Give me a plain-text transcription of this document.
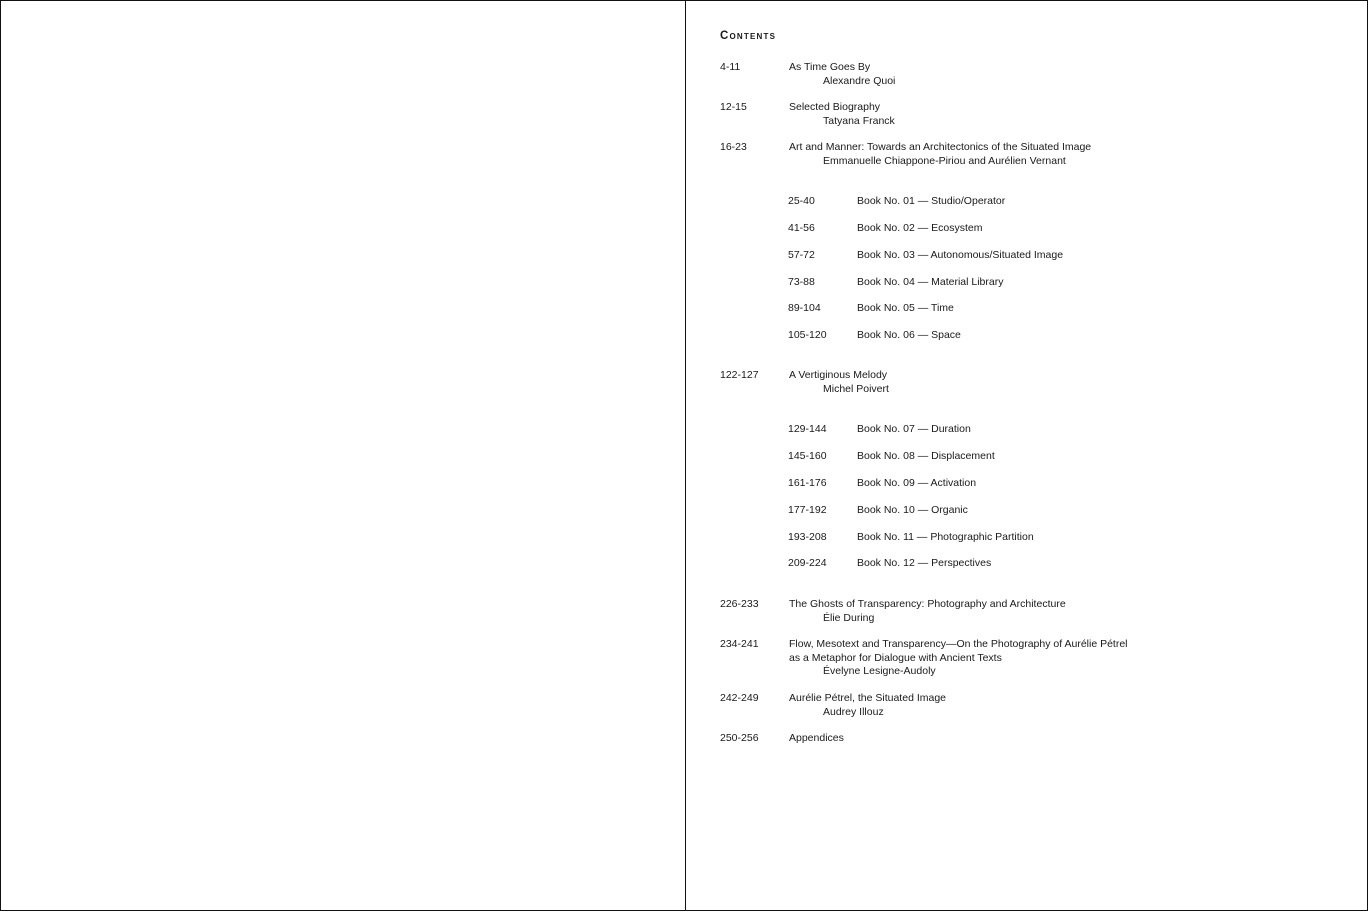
Contents
4-11	As Time Goes By
Alexandre Quoi
12-15	Selected Biography
Tatyana Franck
16-23	Art and Manner: Towards an Architectonics of the Situated Image
Emmanuelle Chiappone-Piriou and Aurélien Vernant
25-40	Book No. 01 — Studio/Operator
41-56	Book No. 02 — Ecosystem
57-72	Book No. 03 — Autonomous/Situated Image
73-88	Book No. 04 — Material Library
89-104	Book No. 05 — Time
105-120	Book No. 06 — Space
122-127	A Vertiginous Melody
Michel Poivert
129-144	Book No. 07 — Duration
145-160	Book No. 08 — Displacement
161-176	Book No. 09 — Activation
177-192	Book No. 10 — Organic
193-208	Book No. 11 — Photographic Partition
209-224	Book No. 12 — Perspectives
226-233	The Ghosts of Transparency: Photography and Architecture
Élie During
234-241	Flow, Mesotext and Transparency—On the Photography of Aurélie Pétrel
as a Metaphor for Dialogue with Ancient Texts
Évelyne Lesigne-Audoly
242-249	Aurélie Pétrel, the Situated Image
Audrey Illouz
250-256	Appendices
